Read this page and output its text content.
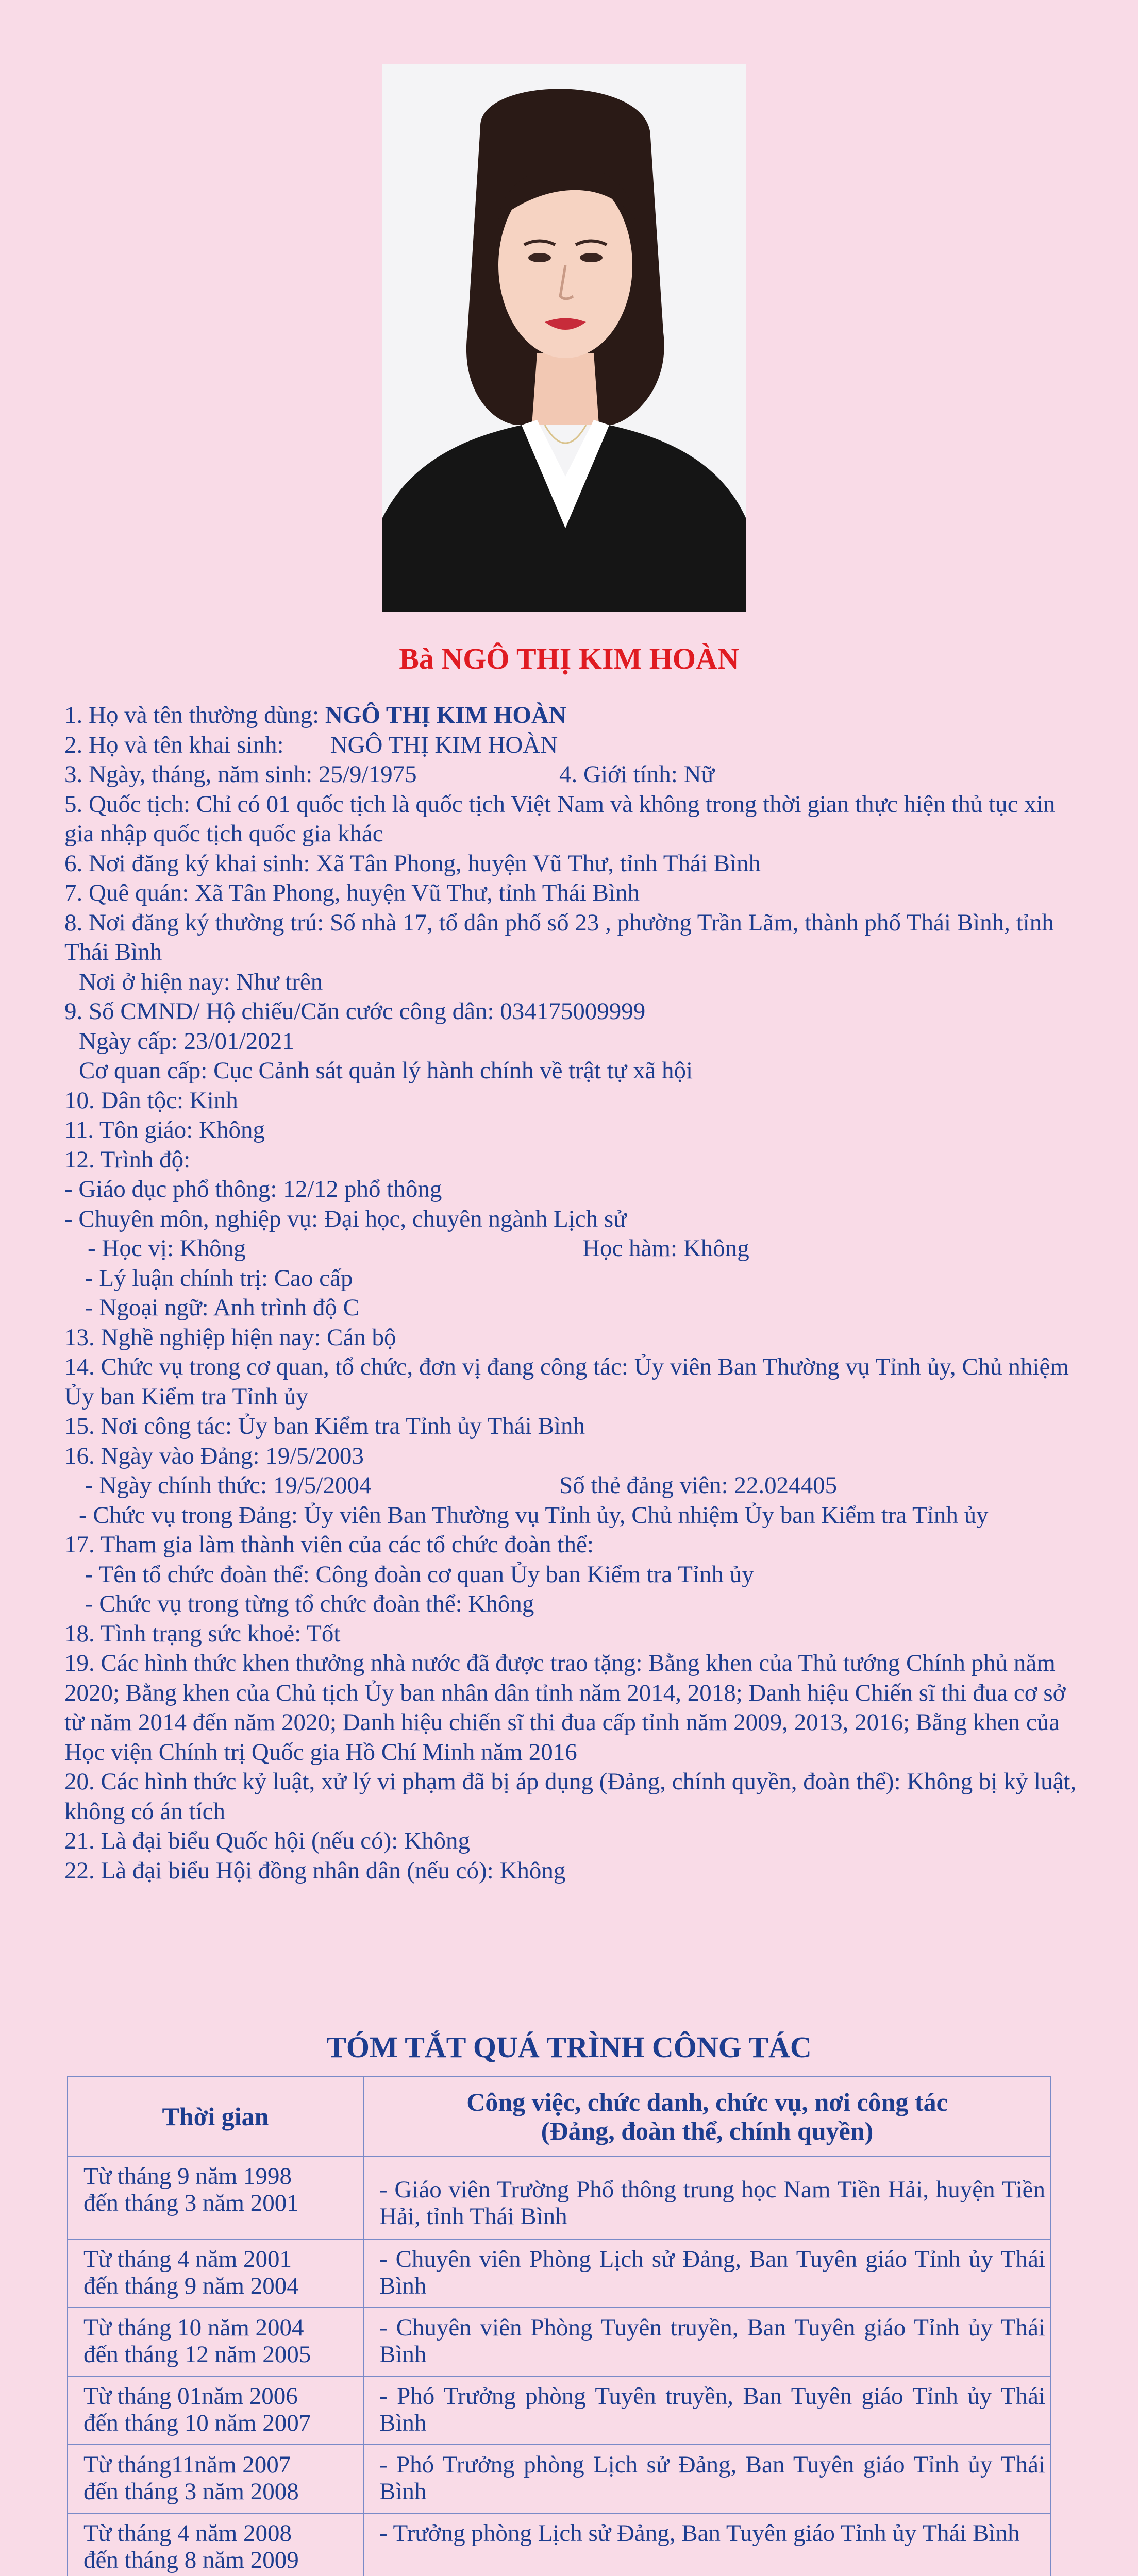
Bà NGÔ THỊ KIM HOÀN
1. Họ và tên thường dùng: NGÔ THỊ KIM HOÀN
2. Họ và tên khai sinh: NGÔ THỊ KIM HOÀN
3. Ngày, tháng, năm sinh: 25/9/1975	4. Giới tính: Nữ
5. Quốc tịch: Chỉ có 01 quốc tịch là quốc tịch Việt Nam và không trong thời gian thực hiện thủ tục xin gia nhập quốc tịch quốc gia khác
6. Nơi đăng ký khai sinh: Xã Tân Phong, huyện Vũ Thư, tỉnh Thái Bình
7. Quê quán: Xã Tân Phong, huyện Vũ Thư, tỉnh Thái Bình
8. Nơi đăng ký thường trú: Số nhà 17, tổ dân phố số 23 , phường Trần Lãm, thành phố Thái Bình, tỉnh Thái Bình
Nơi ở hiện nay: Như trên
9. Số CMND/ Hộ chiếu/Căn cước công dân: 034175009999
Ngày cấp: 23/01/2021
Cơ quan cấp: Cục Cảnh sát quản lý hành chính về trật tự xã hội
10. Dân tộc: Kinh
11. Tôn giáo: Không
12. Trình độ:
- Giáo dục phổ thông: 12/12 phổ thông
- Chuyên môn, nghiệp vụ: Đại học, chuyên ngành Lịch sử
- Học vị: Không	Học hàm: Không
- Lý luận chính trị: Cao cấp
- Ngoại ngữ: Anh trình độ C
13. Nghề nghiệp hiện nay: Cán bộ
14. Chức vụ trong cơ quan, tổ chức, đơn vị đang công tác: Ủy viên Ban Thường vụ Tỉnh ủy, Chủ nhiệm Ủy ban Kiểm tra Tỉnh ủy
15. Nơi công tác: Ủy ban Kiểm tra Tỉnh ủy Thái Bình
16. Ngày vào Đảng: 19/5/2003
- Ngày chính thức: 19/5/2004	Số thẻ đảng viên: 22.024405
- Chức vụ trong Đảng: Ủy viên Ban Thường vụ Tỉnh ủy, Chủ nhiệm Ủy ban Kiểm tra Tỉnh ủy
17. Tham gia làm thành viên của các tổ chức đoàn thể:
- Tên tổ chức đoàn thể: Công đoàn cơ quan Ủy ban Kiểm tra Tỉnh ủy
- Chức vụ trong từng tổ chức đoàn thể: Không
18. Tình trạng sức khoẻ: Tốt
19. Các hình thức khen thưởng nhà nước đã được trao tặng: Bằng khen của Thủ tướng Chính phủ năm 2020; Bằng khen của Chủ tịch Ủy ban nhân dân tỉnh năm 2014, 2018; Danh hiệu Chiến sĩ thi đua cơ sở từ năm 2014 đến năm 2020; Danh hiệu chiến sĩ thi đua cấp tỉnh năm 2009, 2013, 2016; Bằng khen của Học viện Chính trị Quốc gia Hồ Chí Minh năm 2016
20. Các hình thức kỷ luật, xử lý vi phạm đã bị áp dụng (Đảng, chính quyền, đoàn thể): Không bị kỷ luật, không có án tích
21. Là đại biểu Quốc hội (nếu có): Không
22. Là đại biểu Hội đồng nhân dân (nếu có): Không
TÓM TẮT QUÁ TRÌNH CÔNG TÁC
Thời gian	Công việc, chức danh, chức vụ, nơi công tác
(Đảng, đoàn thể, chính quyền)

Từ tháng 9 năm 1998
đến tháng 3 năm 2001	- Giáo viên Trường Phổ thông trung học Nam Tiền Hải, huyện Tiền Hải, tỉnh Thái Bình

Từ tháng 4 năm 2001
đến tháng 9 năm 2004	- Chuyên viên Phòng Lịch sử Đảng, Ban Tuyên giáo Tỉnh ủy Thái Bình

Từ tháng 10 năm 2004
đến tháng 12 năm 2005	- Chuyên viên Phòng Tuyên truyền, Ban Tuyên giáo Tỉnh ủy Thái Bình

Từ tháng 01năm 2006
đến tháng 10 năm 2007	- Phó Trưởng phòng Tuyên truyền, Ban Tuyên giáo Tỉnh ủy Thái Bình

Từ tháng11năm 2007
đến tháng 3 năm 2008	- Phó Trưởng phòng Lịch sử Đảng, Ban Tuyên giáo Tỉnh ủy Thái Bình

Từ tháng 4 năm 2008
đến tháng 8 năm 2009	- Trưởng phòng Lịch sử Đảng, Ban Tuyên giáo Tỉnh ủy Thái Bình
